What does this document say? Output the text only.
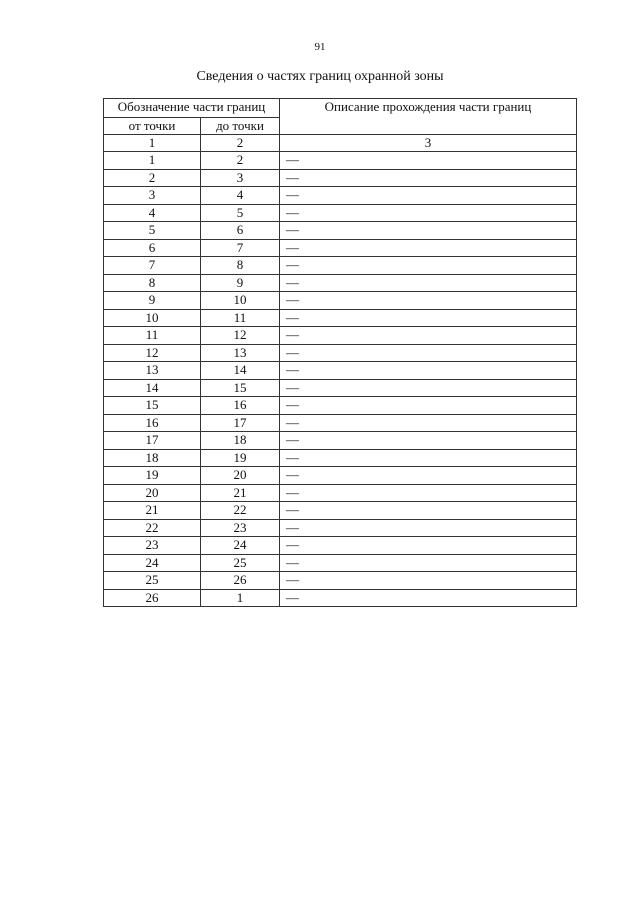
91
Сведения о частях границ охранной зоны
Обозначение части границ		Описание прохождения части границ
от точки	до точки	
1	2	3
1	2	—
2	3	—
3	4	—
4	5	—
5	6	—
6	7	—
7	8	—
8	9	—
9	10	—
10	11	—
11	12	—
12	13	—
13	14	—
14	15	—
15	16	—
16	17	—
17	18	—
18	19	—
19	20	—
20	21	—
21	22	—
22	23	—
23	24	—
24	25	—
25	26	—
26	1	—
